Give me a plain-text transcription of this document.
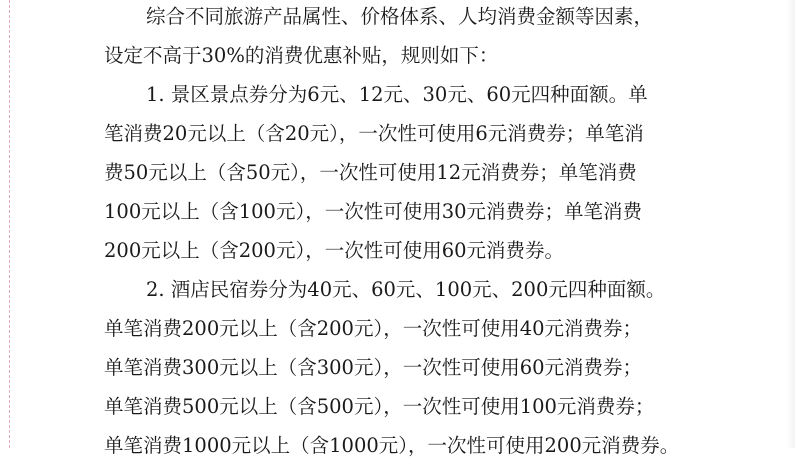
综合不同旅游产品属性、价格体系、人均消费金额等因素，
设定不高于30%的消费优惠补贴，规则如下：
1. 景区景点券分为6元、12元、30元、60元四种面额。单
笔消费20元以上（含20元），一次性可使用6元消费券；单笔消
费50元以上（含50元），一次性可使用12元消费券；单笔消费
100元以上（含100元），一次性可使用30元消费券；单笔消费
200元以上（含200元），一次性可使用60元消费券。
2. 酒店民宿券分为40元、60元、100元、200元四种面额。
单笔消费200元以上（含200元），一次性可使用40元消费券；
单笔消费300元以上（含300元），一次性可使用60元消费券；
单笔消费500元以上（含500元），一次性可使用100元消费券；
单笔消费1000元以上（含1000元），一次性可使用200元消费券。
